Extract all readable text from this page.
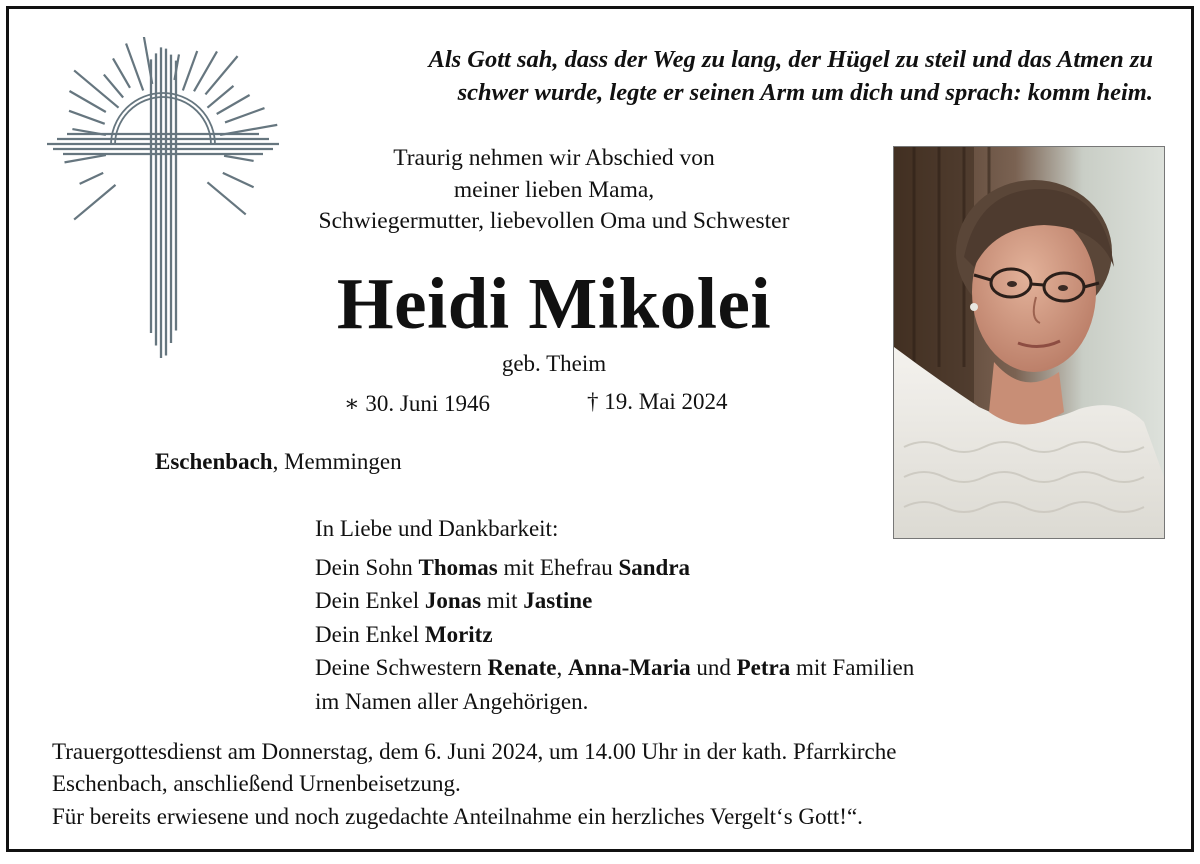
Als Gott sah, dass der Weg zu lang, der Hügel zu steil und das Atmen zu
schwer wurde, legte er seinen Arm um dich und sprach: komm heim.
Traurig nehmen wir Abschied von
meiner lieben Mama,
Schwiegermutter, liebevollen Oma und Schwester
Heidi Mikolei
geb. Theim
∗ 30. Juni 1946	† 19. Mai 2024
Eschenbach, Memmingen
In Liebe und Dankbarkeit:
Dein Sohn Thomas mit Ehefrau Sandra
Dein Enkel Jonas mit Jastine
Dein Enkel Moritz
Deine Schwestern Renate, Anna-Maria und Petra mit Familien
im Namen aller Angehörigen.
Trauergottesdienst am Donnerstag, dem 6. Juni 2024, um 14.00 Uhr in der kath. Pfarrkirche
Eschenbach, anschließend Urnenbeisetzung.
Für bereits erwiesene und noch zugedachte Anteilnahme ein herzliches Vergelt‘s Gott!“.
